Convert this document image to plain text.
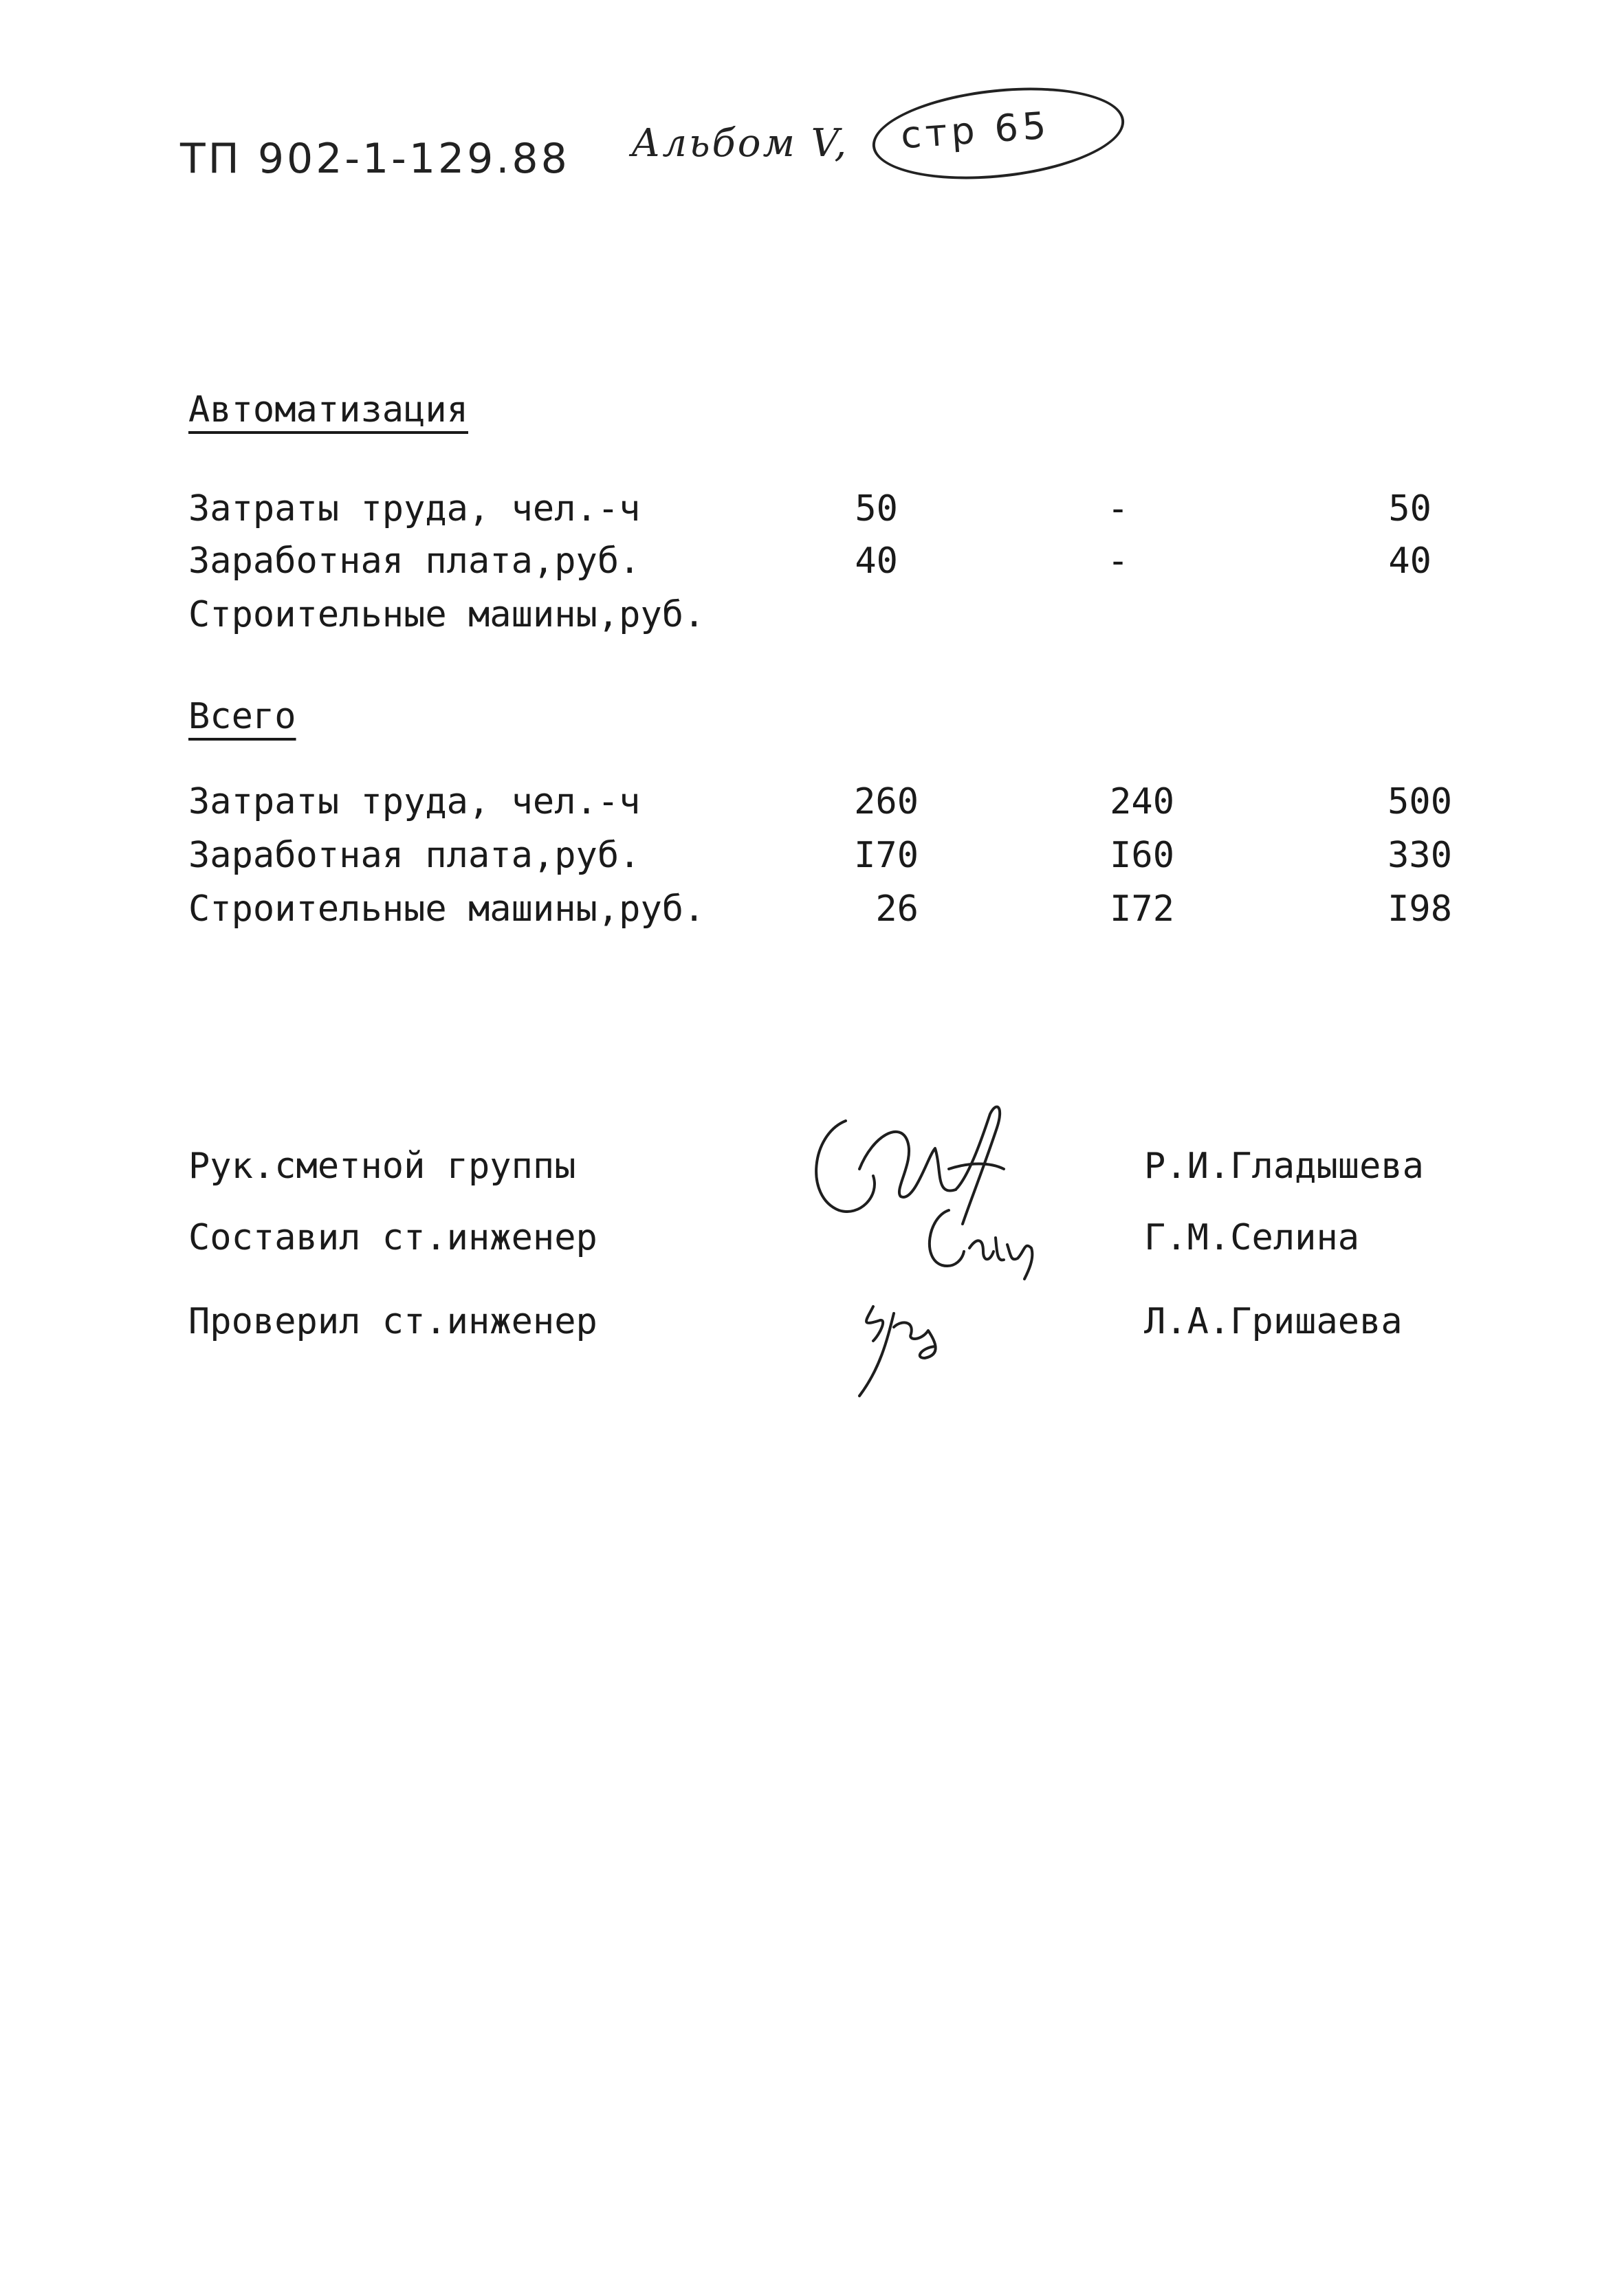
ТП 902-1-129.88 Альбом V, стр 65
Автоматизация
Затраты труда, чел.-ч	50	-	50
Заработная плата,руб.	40	-	40
Строительные машины,руб.
Всего
Затраты труда, чел.-ч	260	240	500
Заработная плата,руб.	I70	I60	330
Строительные машины,руб.	26	I72	I98
Рук.сметной группы	Р.И.Гладышева
Составил ст.инженер	Г.М.Селина
Проверил ст.инженер	Л.А.Гришаева
